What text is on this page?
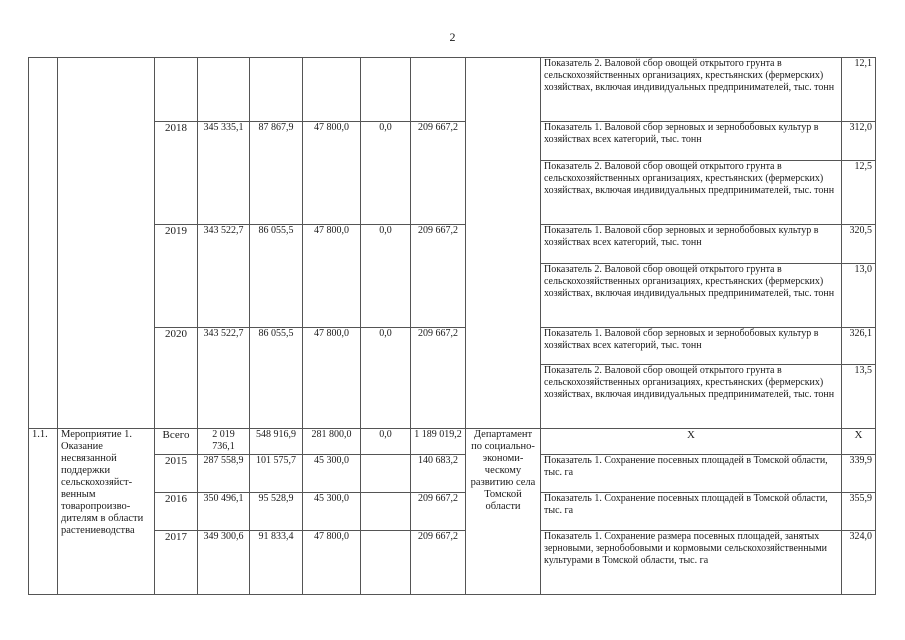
2
									Показатель 2. Валовой сбор овощей открытого грунта в сельскохозяйственных организациях, крестьянских (фермерских) хозяйствах, включая индивидуальных предпринимателей, тыс. тонн	12,1
		2018	345 335,1	87 867,9	47 800,0	0,0	209 667,2		Показатель 1. Валовой сбор зерновых и зернобобовых культур в хозяйствах всех категорий, тыс. тонн	312,0
									Показатель 2. Валовой сбор овощей открытого грунта в сельскохозяйственных организациях, крестьянских (фермерских) хозяйствах, включая индивидуальных предпринимателей, тыс. тонн	12,5
		2019	343 522,7	86 055,5	47 800,0	0,0	209 667,2		Показатель 1. Валовой сбор зерновых и зернобобовых культур в хозяйствах всех категорий, тыс. тонн	320,5
									Показатель 2. Валовой сбор овощей открытого грунта в сельскохозяйственных организациях, крестьянских (фермерских) хозяйствах, включая индивидуальных предпринимателей, тыс. тонн	13,0
		2020	343 522,7	86 055,5	47 800,0	0,0	209 667,2		Показатель 1. Валовой сбор зерновых и зернобобовых культур в хозяйствах всех категорий, тыс. тонн	326,1
									Показатель 2. Валовой сбор овощей открытого грунта в сельскохозяйственных организациях, крестьянских (фермерских) хозяйствах, включая индивидуальных предпринимателей, тыс. тонн	13,5
1.1.	Мероприятие 1. Оказание несвязанной поддержки сельскохозяйст-венным товаропроизво-дителям в области растениеводства	Всего	2 019 736,1	548 916,9	281 800,0	0,0	1 189 019,2	Департамент по социально-экономи-ческому развитию села Томской области	X	X
		2015	287 558,9	101 575,7	45 300,0		140 683,2		Показатель 1. Сохранение посевных площадей в Томской области, тыс. га	339,9
		2016	350 496,1	95 528,9	45 300,0		209 667,2		Показатель 1. Сохранение посевных площадей в Томской области, тыс. га	355,9
		2017	349 300,6	91 833,4	47 800,0		209 667,2		Показатель 1. Сохранение размера посевных площадей, занятых зерновыми, зернобобовыми и кормовыми сельскохозяйственными культурами в Томской области, тыс. га	324,0
